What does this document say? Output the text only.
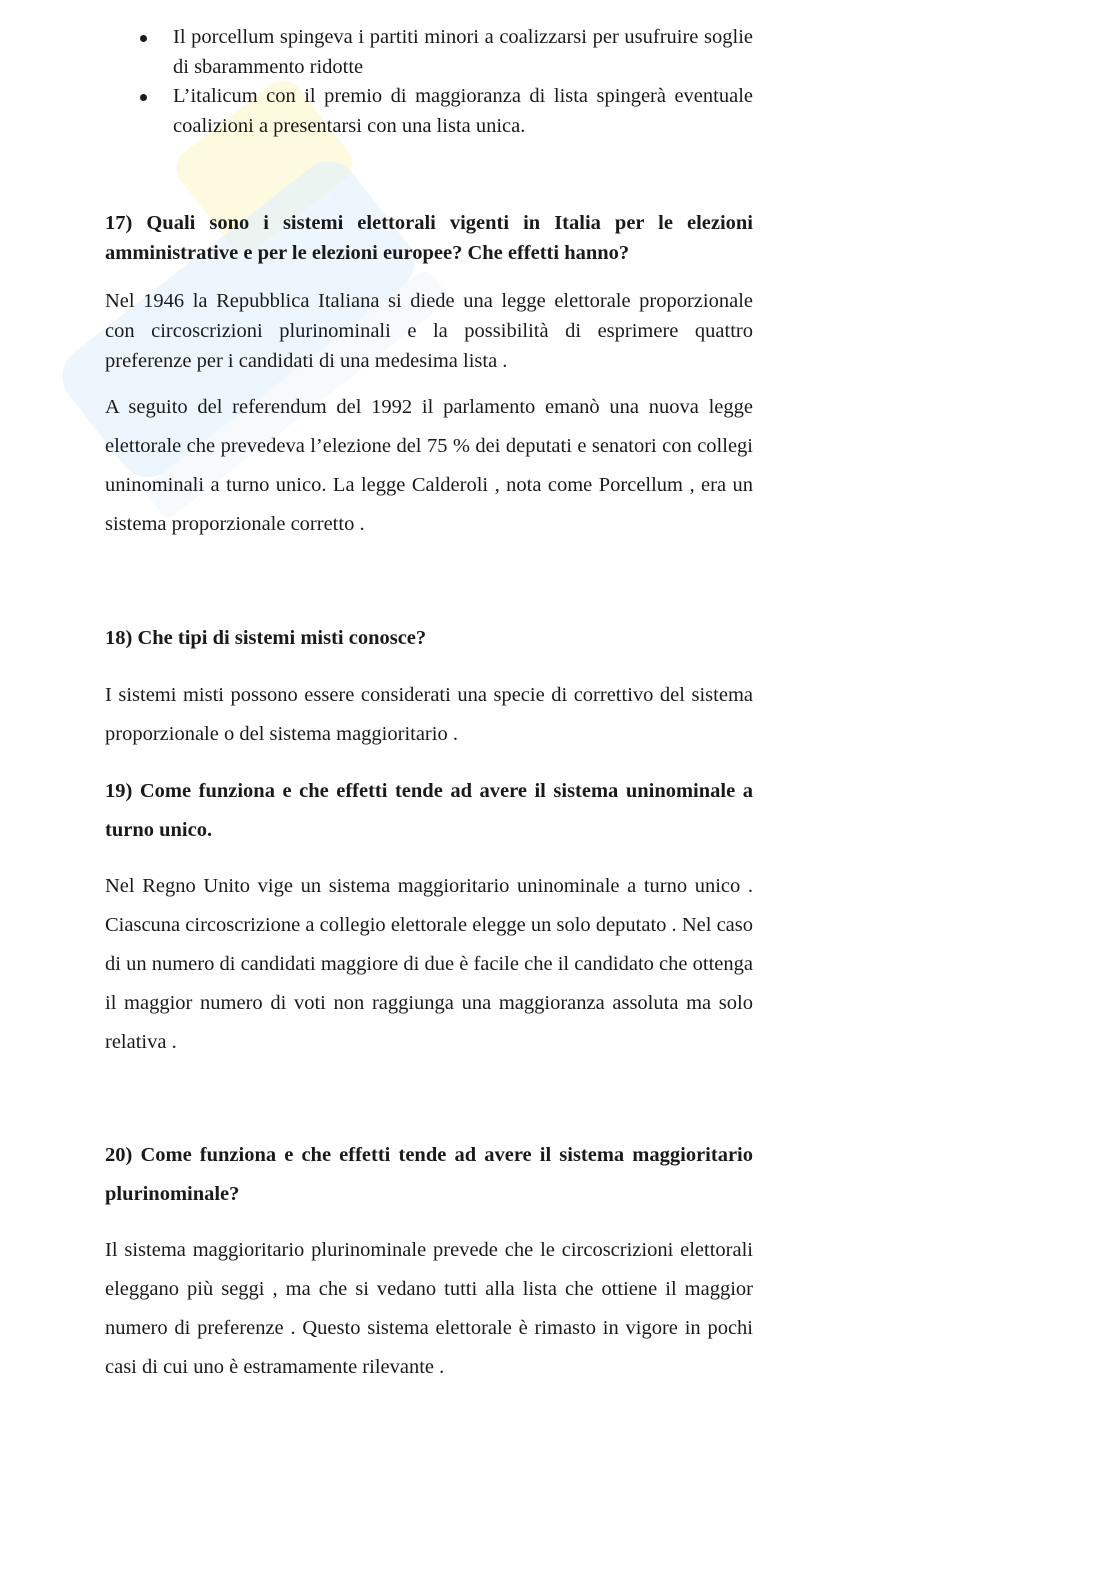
Il porcellum spingeva i partiti minori a coalizzarsi per usufruire soglie di sbarammento ridotte
L’italicum con il premio di maggioranza di lista spingerà eventuale coalizioni a presentarsi con una lista unica.

17) Quali sono i sistemi elettorali vigenti in Italia per le elezioni amministrative e per le elezioni europee? Che effetti hanno?

Nel 1946 la Repubblica Italiana si diede una legge elettorale proporzionale con circoscrizioni plurinominali e la possibilità di esprimere quattro preferenze per i candidati di una medesima lista .

A seguito del referendum del 1992 il parlamento emanò una nuova legge elettorale che prevedeva l’elezione del 75 % dei deputati e senatori con collegi uninominali a turno unico. La legge Calderoli , nota come Porcellum , era un sistema proporzionale corretto .

18) Che tipi di sistemi misti conosce?

I sistemi misti possono essere considerati una specie di correttivo del sistema proporzionale o del sistema maggioritario .

19) Come funziona e che effetti tende ad avere il sistema uninominale a turno unico.

Nel Regno Unito vige un sistema maggioritario uninominale a turno unico . Ciascuna circoscrizione a collegio elettorale elegge un solo deputato . Nel caso di un numero di candidati maggiore di due è facile che il candidato che ottenga il maggior numero di voti non raggiunga una maggioranza assoluta ma solo relativa .

20) Come funziona e che effetti tende ad avere il sistema maggioritario plurinominale?

Il sistema maggioritario plurinominale prevede che le circoscrizioni elettorali eleggano più seggi , ma che si vedano tutti alla lista che ottiene il maggior numero di preferenze . Questo sistema elettorale è rimasto in vigore in pochi casi di cui uno è estramamente rilevante .
